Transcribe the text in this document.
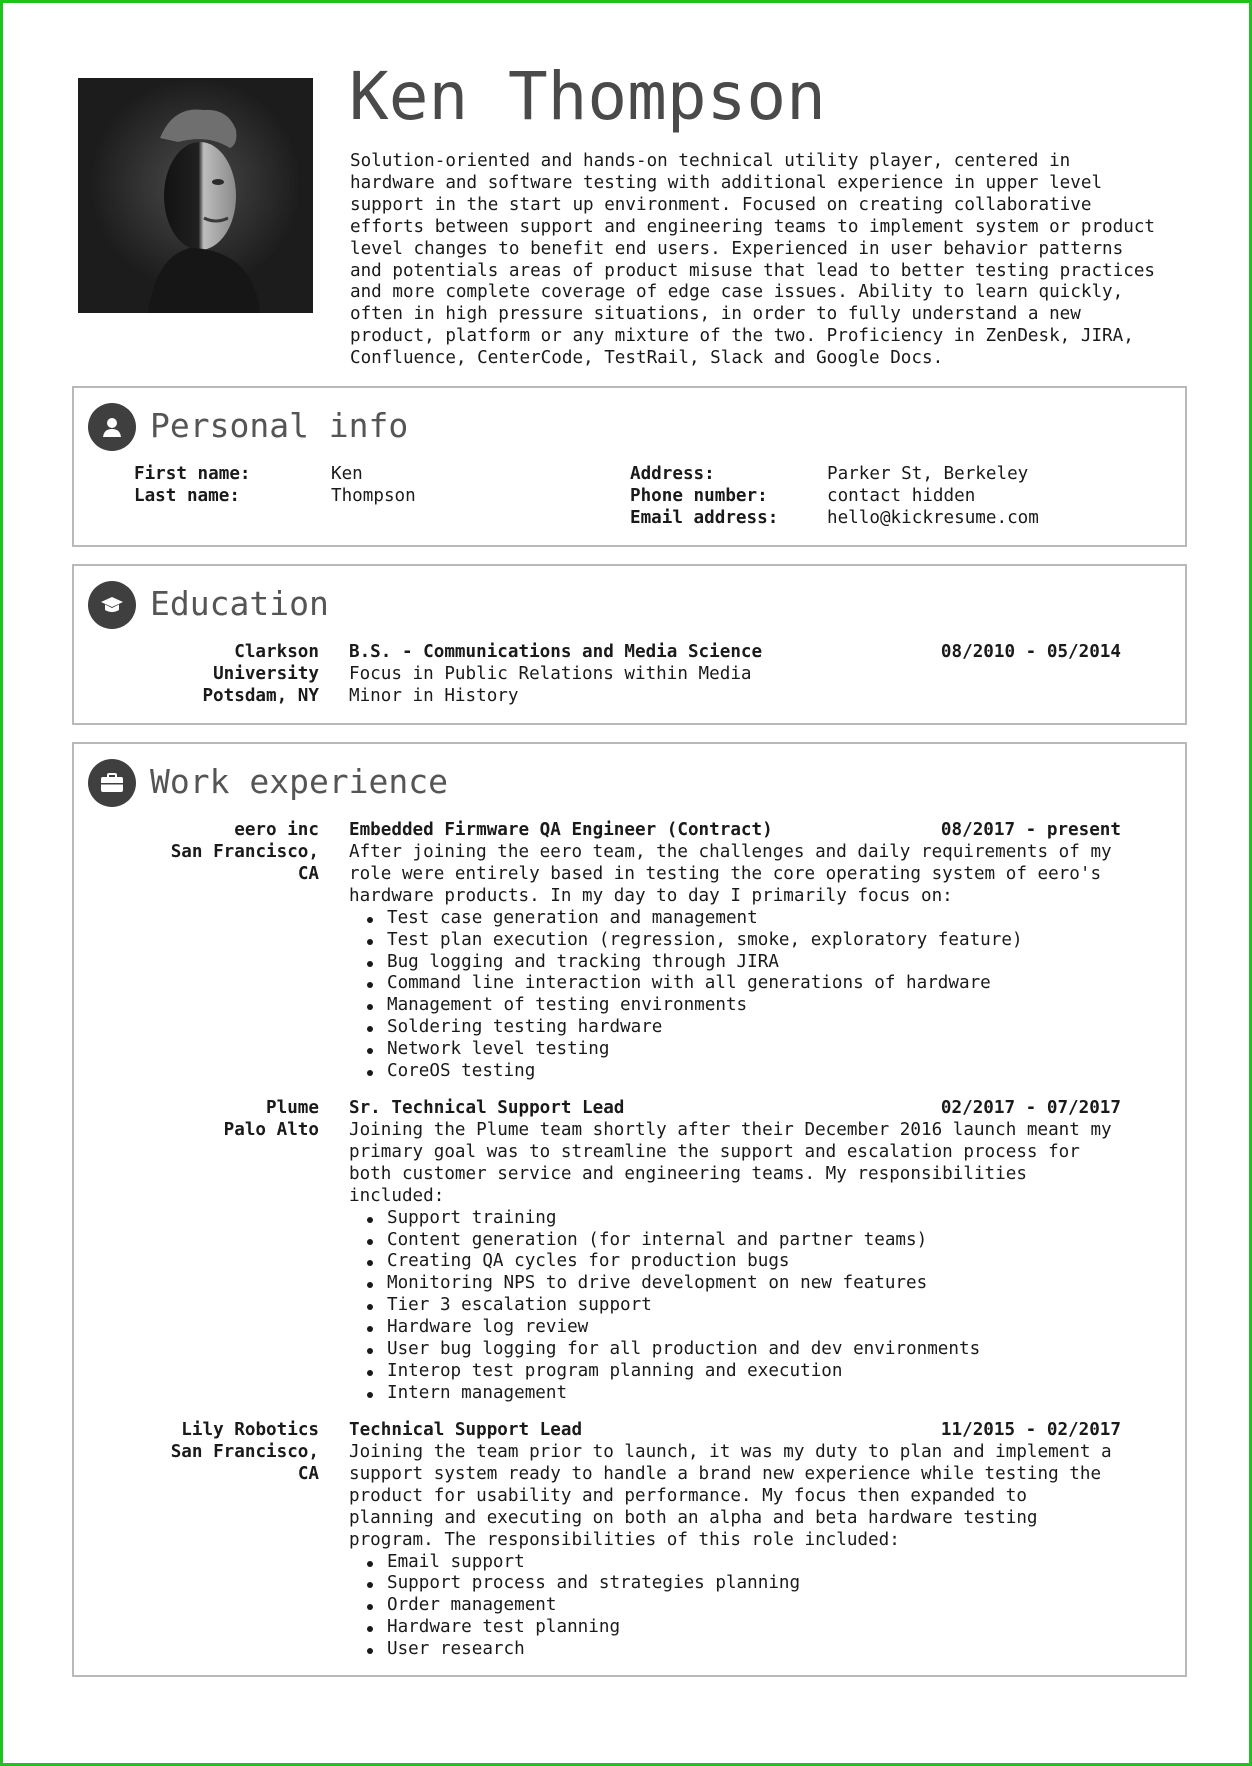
Ken Thompson
Solution-oriented and hands-on technical utility player, centered in
hardware and software testing with additional experience in upper level
support in the start up environment. Focused on creating collaborative
efforts between support and engineering teams to implement system or product
level changes to benefit end users. Experienced in user behavior patterns
and potentials areas of product misuse that lead to better testing practices
and more complete coverage of edge case issues. Ability to learn quickly,
often in high pressure situations, in order to fully understand a new
product, platform or any mixture of the two. Proficiency in ZenDesk, JIRA,
Confluence, CenterCode, TestRail, Slack and Google Docs.
Personal info
First name:	Ken
Last name:	Thompson
Address:	Parker St, Berkeley
Phone number:	contact hidden
Email address:	hello@kickresume.com
Education
Clarkson
University
Potsdam, NY
B.S. - Communications and Media Science	08/2010 - 05/2014

Focus in Public Relations within Media

Minor in History

Work experience
eero inc
San Francisco,
CA
Embedded Firmware QA Engineer (Contract)	08/2017 - present

After joining the eero team, the challenges and daily requirements of my role were entirely based in testing the core operating system of eero's hardware products. In my day to day I primarily focus on:

Test case generation and management
Test plan execution (regression, smoke, exploratory feature)
Bug logging and tracking through JIRA
Command line interaction with all generations of hardware
Management of testing environments
Soldering testing hardware
Network level testing
CoreOS testing
Plume
Palo Alto
Sr. Technical Support Lead	02/2017 - 07/2017

Joining the Plume team shortly after their December 2016 launch meant my primary goal was to streamline the support and escalation process for both customer service and engineering teams. My responsibilities included:

Support training
Content generation (for internal and partner teams)
Creating QA cycles for production bugs
Monitoring NPS to drive development on new features
Tier 3 escalation support
Hardware log review
User bug logging for all production and dev environments
Interop test program planning and execution
Intern management
Lily Robotics
San Francisco,
CA
Technical Support Lead	11/2015 - 02/2017

Joining the team prior to launch, it was my duty to plan and implement a support system ready to handle a brand new experience while testing the product for usability and performance. My focus then expanded to planning and executing on both an alpha and beta hardware testing program. The responsibilities of this role included:

Email support
Support process and strategies planning
Order management
Hardware test planning
User research
